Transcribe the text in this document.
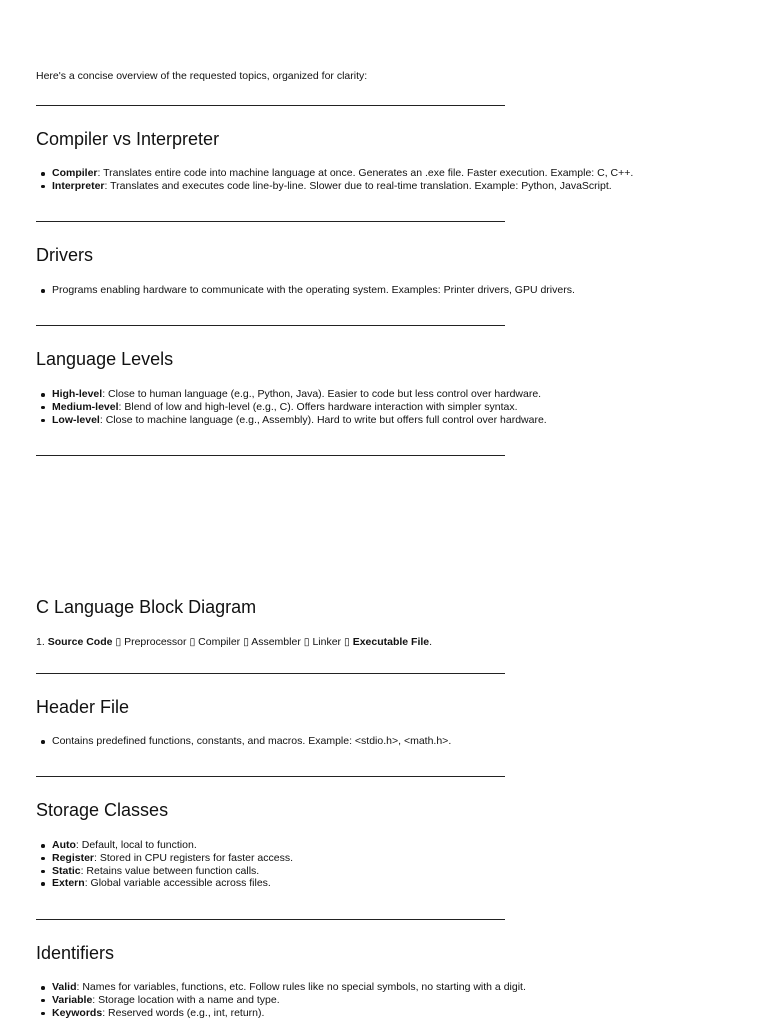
Here's a concise overview of the requested topics, organized for clarity:

Compiler vs Interpreter
Compiler: Translates entire code into machine language at once. Generates an .exe file. Faster execution. Example: C, C++.
Interpreter: Translates and executes code line-by-line. Slower due to real-time translation. Example: Python, JavaScript.
Drivers
Programs enabling hardware to communicate with the operating system. Examples: Printer drivers, GPU drivers.
Language Levels
High-level: Close to human language (e.g., Python, Java). Easier to code but less control over hardware.
Medium-level: Blend of low and high-level (e.g., C). Offers hardware interaction with simpler syntax.
Low-level: Close to machine language (e.g., Assembly). Hard to write but offers full control over hardware.
C Language Block Diagram
1. Source Code ▯ Preprocessor ▯ Compiler ▯ Assembler ▯ Linker ▯ Executable File.
Header File
Contains predefined functions, constants, and macros. Example: <stdio.h>, <math.h>.
Storage Classes
Auto: Default, local to function.
Register: Stored in CPU registers for faster access.
Static: Retains value between function calls.
Extern: Global variable accessible across files.
Identifiers
Valid: Names for variables, functions, etc. Follow rules like no special symbols, no starting with a digit.
Variable: Storage location with a name and type.
Keywords: Reserved words (e.g., int, return).
